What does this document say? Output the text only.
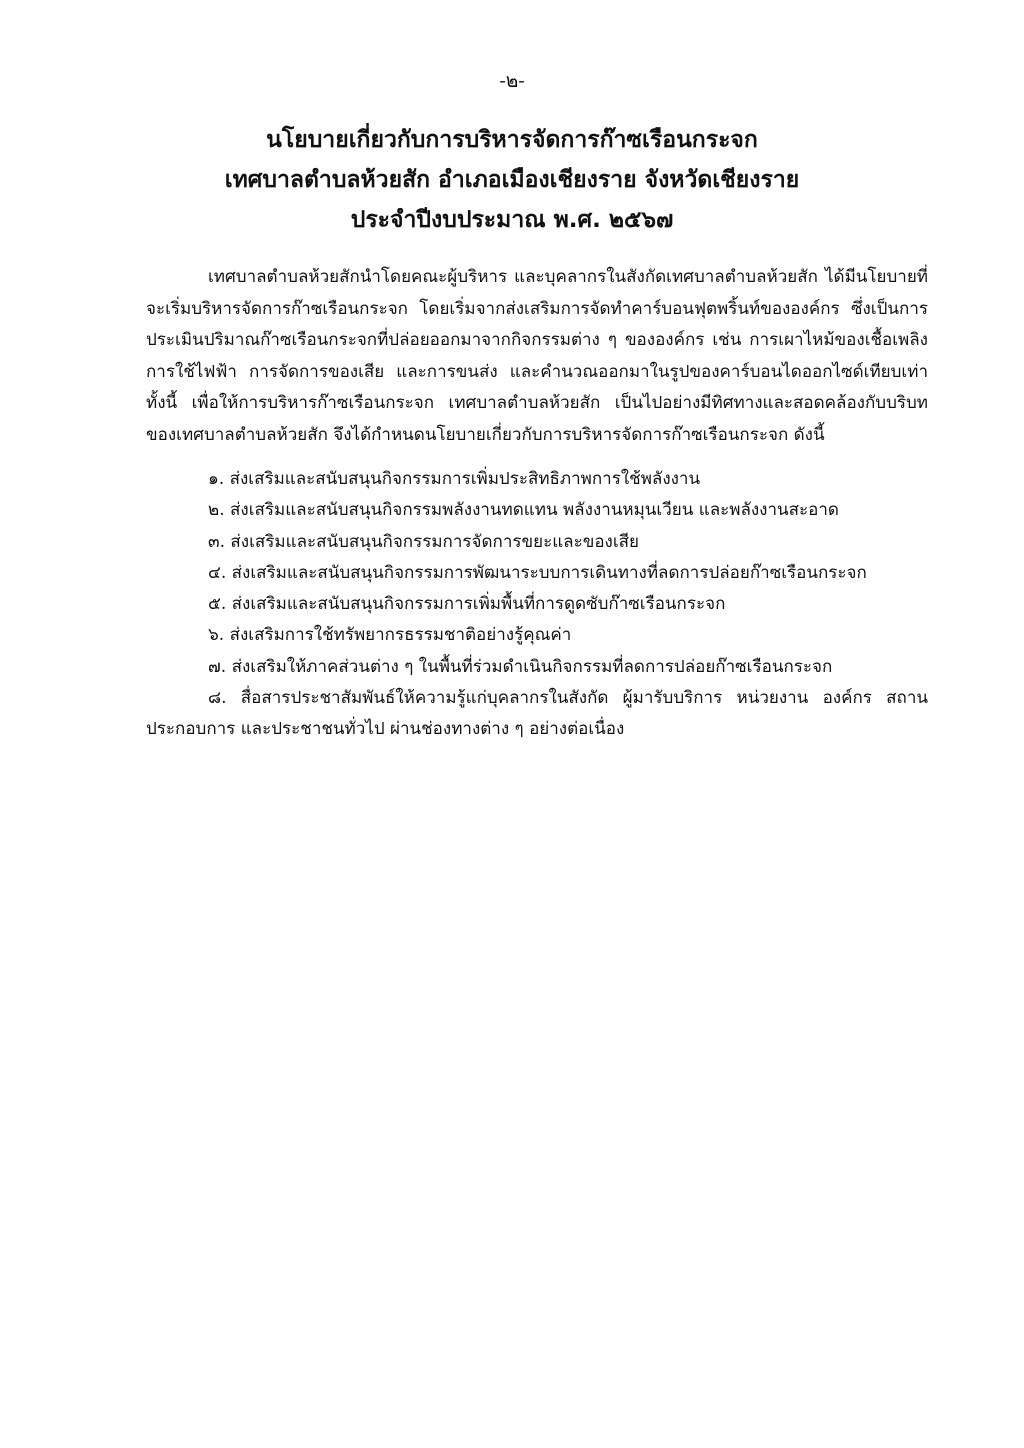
-๒-
นโยบายเกี่ยวกับการบริหารจัดการก๊าซเรือนกระจก
เทศบาลตำบลห้วยสัก อำเภอเมืองเชียงราย จังหวัดเชียงราย
ประจำปีงบประมาณ พ.ศ. ๒๕๖๗

เทศบาลตำบลห้วยสักนำโดยคณะผู้บริหาร และบุคลากรในสังกัดเทศบาลตำบลห้วยสัก ได้มีนโยบายที่
จะเริ่มบริหารจัดการก๊าซเรือนกระจก โดยเริ่มจากส่งเสริมการจัดทำคาร์บอนฟุตพริ้นท์ขององค์กร ซึ่งเป็นการ
ประเมินปริมาณก๊าซเรือนกระจกที่ปล่อยออกมาจากกิจกรรมต่าง ๆ ขององค์กร เช่น การเผาไหม้ของเชื้อเพลิง
การใช้ไฟฟ้า การจัดการของเสีย และการขนส่ง และคำนวณออกมาในรูปของคาร์บอนไดออกไซด์เทียบเท่า
ทั้งนี้ เพื่อให้การบริหารก๊าซเรือนกระจก เทศบาลตำบลห้วยสัก เป็นไปอย่างมีทิศทางและสอดคล้องกับบริบท
ของเทศบาลตำบลห้วยสัก จึงได้กำหนดนโยบายเกี่ยวกับการบริหารจัดการก๊าซเรือนกระจก ดังนี้

๑. ส่งเสริมและสนับสนุนกิจกรรมการเพิ่มประสิทธิภาพการใช้พลังงาน
๒. ส่งเสริมและสนับสนุนกิจกรรมพลังงานทดแทน พลังงานหมุนเวียน และพลังงานสะอาด
๓. ส่งเสริมและสนับสนุนกิจกรรมการจัดการขยะและของเสีย
๔. ส่งเสริมและสนับสนุนกิจกรรมการพัฒนาระบบการเดินทางที่ลดการปล่อยก๊าซเรือนกระจก
๕. ส่งเสริมและสนับสนุนกิจกรรมการเพิ่มพื้นที่การดูดซับก๊าซเรือนกระจก
๖. ส่งเสริมการใช้ทรัพยากรธรรมชาติอย่างรู้คุณค่า
๗. ส่งเสริมให้ภาคส่วนต่าง ๆ ในพื้นที่ร่วมดำเนินกิจกรรมที่ลดการปล่อยก๊าซเรือนกระจก
๘. สื่อสารประชาสัมพันธ์ให้ความรู้แก่บุคลากรในสังกัด ผู้มารับบริการ หน่วยงาน องค์กร สถาน
ประกอบการ และประชาชนทั่วไป ผ่านช่องทางต่าง ๆ อย่างต่อเนื่อง
